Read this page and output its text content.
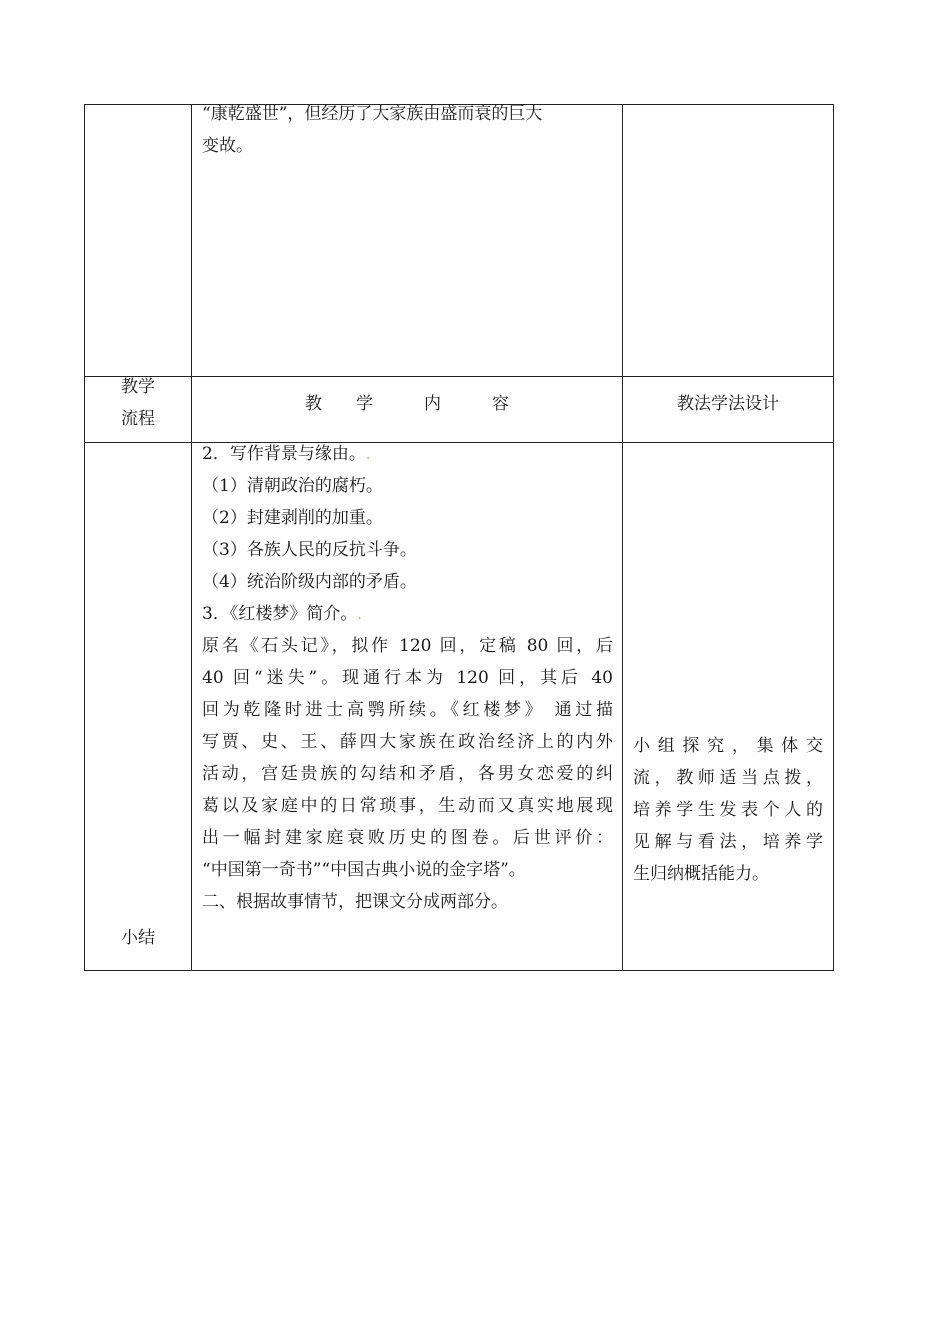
“康乾盛世”，但经历了大家族由盛而衰的巨大
变故。
教学
流程
教　　学　　　内　　　容	教法学法设计
2．写作背景与缘由。.
（1）清朝政治的腐朽。
（2）封建剥削的加重。
（3）各族人民的反抗斗争。
（4）统治阶级内部的矛盾。
3．《红楼梦》简介。.
原名《石头记》，拟作 120 回，定稿 80 回，后
40 回“迷失”。现通行本为 120 回，其后 40
回为乾隆时进士高鹗所续。《红楼梦》 通过描
写贾、史、王、薛四大家族在政治经济上的内外
活动，宫廷贵族的勾结和矛盾，各男女恋爱的纠
葛以及家庭中的日常琐事，生动而又真实地展现
出一幅封建家庭衰败历史的图卷。后世评价：
“中国第一奇书”“中国古典小说的金字塔”。
二、根据故事情节，把课文分成两部分。
小结
小组探究，集体交
流，教师适当点拨，
培养学生发表个人的
见解与看法，培养学
生归纳概括能力。
